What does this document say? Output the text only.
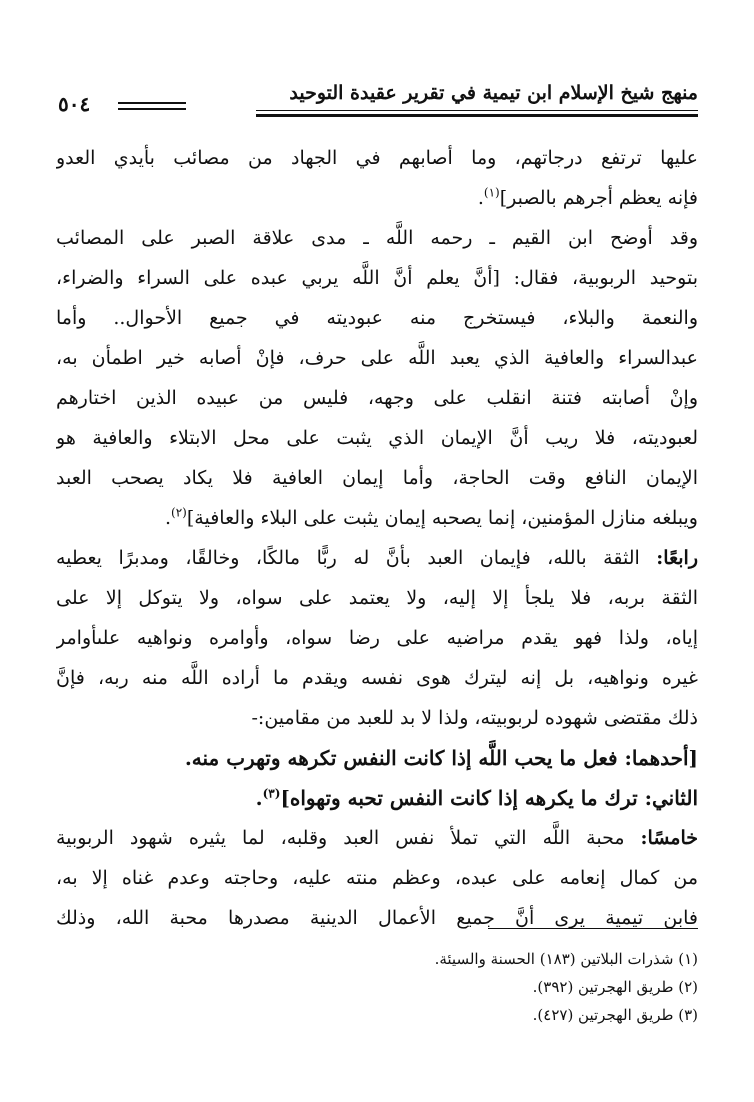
منهج شيخ الإسلام ابن تيمية في تقرير عقيدة التوحيد
٥٠٤
عليها ترتفع درجاتهم، وما أصابهم في الجهاد من مصائب بأيدي العدو
فإنه يعظم أجرهم بالصبر]$^{(١)}$.
وقد أوضح ابن القيم ـ رحمه اللَّه ـ مدى علاقة الصبر على المصائب
بتوحيد الربوبية، فقال: [أنَّ يعلم أنَّ اللَّه يربي عبده على السراء والضراء،
والنعمة والبلاء، فيستخرج منه عبوديته في جميع الأحوال.. وأما
عبدالسراء والعافية الذي يعبد اللَّه على حرف، فإنْ أصابه خير اطمأن به،
وإنْ أصابته فتنة انقلب على وجهه، فليس من عبيده الذين اختارهم
لعبوديته، فلا ريب أنَّ الإيمان الذي يثبت على محل الابتلاء والعافية هو
الإيمان النافع وقت الحاجة، وأما إيمان العافية فلا يكاد يصحب العبد
ويبلغه منازل المؤمنين، إنما يصحبه إيمان يثبت على البلاء والعافية]$^{(٢)}$.
رابعًا: الثقة بالله، فإيمان العبد بأنَّ له ربًّا مالكًا، وخالقًا، ومدبرًا يعطيه
الثقة بربه، فلا يلجأ إلا إليه، ولا يعتمد على سواه، ولا يتوكل إلا على
إياه، ولذا فهو يقدم مراضيه على رضا سواه، وأوامره ونواهيه علىأوامر
غيره ونواهيه، بل إنه ليترك هوى نفسه ويقدم ما أراده اللَّه منه ربه، فإنَّ
ذلك مقتضى شهوده لربوبيته، ولذا لا بد للعبد من مقامين:-
[أحدهما: فعل ما يحب اللَّه إذا كانت النفس تكرهه وتهرب منه.
الثاني: ترك ما يكرهه إذا كانت النفس تحبه وتهواه]$^{(٣)}$.
خامسًا: محبة اللَّه التي تملأ نفس العبد وقلبه، لما يثيره شهود الربوبية
من كمال إنعامه على عبده، وعظم منته عليه، وحاجته وعدم غناه إلا به،
فابن تيمية يرى أنَّ جميع الأعمال الدينية مصدرها محبة الله، وذلك
(١) شذرات البلاتين (١٨٣) الحسنة والسيئة.
(٢) طريق الهجرتين (٣٩٢).
(٣) طريق الهجرتين (٤٢٧).
